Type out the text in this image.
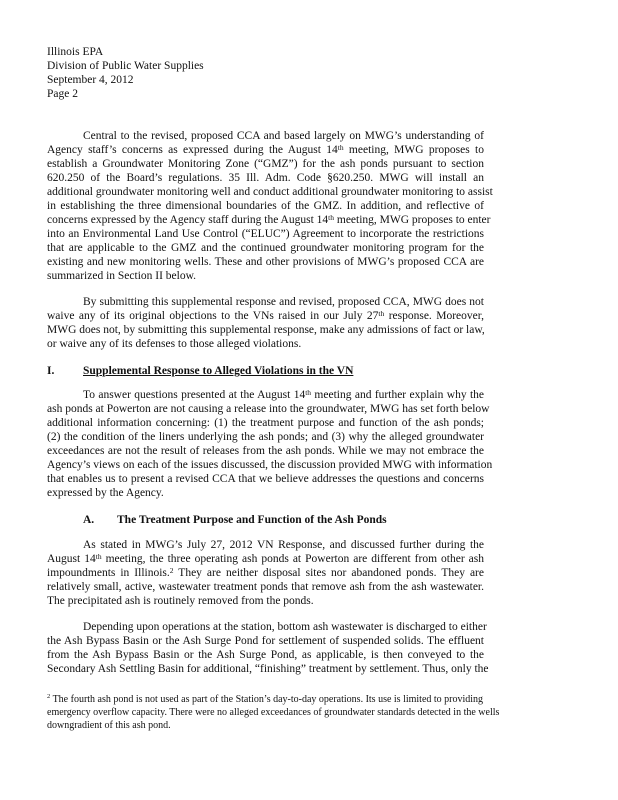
Illinois EPA
Division of Public Water Supplies
September 4, 2012
Page 2
I. Supplemental Response to Alleged Violations in the VN
A. The Treatment Purpose and Function of the Ash Ponds
Central to the revised, proposed CCA and based largely on MWG’s understanding of
Agency staff’s concerns as expressed during the August 14th meeting, MWG proposes to
establish a Groundwater Monitoring Zone (“GMZ”) for the ash ponds pursuant to section
620.250 of the Board’s regulations. 35 Ill. Adm. Code §620.250. MWG will install an
additional groundwater monitoring well and conduct additional groundwater monitoring to assist
in establishing the three dimensional boundaries of the GMZ. In addition, and reflective of
concerns expressed by the Agency staff during the August 14th meeting, MWG proposes to enter
into an Environmental Land Use Control (“ELUC”) Agreement to incorporate the restrictions
that are applicable to the GMZ and the continued groundwater monitoring program for the
existing and new monitoring wells. These and other provisions of MWG’s proposed CCA are
summarized in Section II below.
By submitting this supplemental response and revised, proposed CCA, MWG does not
waive any of its original objections to the VNs raised in our July 27th response. Moreover,
MWG does not, by submitting this supplemental response, make any admissions of fact or law,
or waive any of its defenses to those alleged violations.
To answer questions presented at the August 14th meeting and further explain why the
ash ponds at Powerton are not causing a release into the groundwater, MWG has set forth below
additional information concerning: (1) the treatment purpose and function of the ash ponds;
(2) the condition of the liners underlying the ash ponds; and (3) why the alleged groundwater
exceedances are not the result of releases from the ash ponds. While we may not embrace the
Agency’s views on each of the issues discussed, the discussion provided MWG with information
that enables us to present a revised CCA that we believe addresses the questions and concerns
expressed by the Agency.
As stated in MWG’s July 27, 2012 VN Response, and discussed further during the
August 14th meeting, the three operating ash ponds at Powerton are different from other ash
impoundments in Illinois.$^2$ They are neither disposal sites nor abandoned ponds. They are
relatively small, active, wastewater treatment ponds that remove ash from the ash wastewater.
The precipitated ash is routinely removed from the ponds.
Depending upon operations at the station, bottom ash wastewater is discharged to either
the Ash Bypass Basin or the Ash Surge Pond for settlement of suspended solids. The effluent
from the Ash Bypass Basin or the Ash Surge Pond, as applicable, is then conveyed to the
Secondary Ash Settling Basin for additional, “finishing” treatment by settlement. Thus, only the
$^2$ The fourth ash pond is not used as part of the Station’s day-to-day operations. Its use is limited to providing
emergency overflow capacity. There were no alleged exceedances of groundwater standards detected in the wells
downgradient of this ash pond.
